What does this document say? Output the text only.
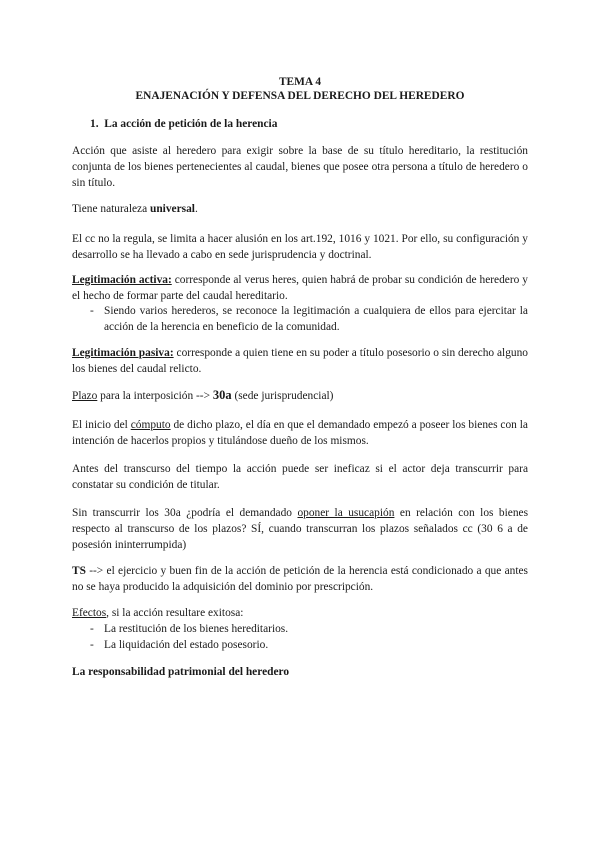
TEMA 4
ENAJENACIÓN Y DEFENSA DEL DERECHO DEL HEREDERO
1. La acción de petición de la herencia

Acción que asiste al heredero para exigir sobre la base de su título hereditario, la restitución conjunta de los bienes pertenecientes al caudal, bienes que posee otra persona a título de heredero o sin título.

Tiene naturaleza universal.

El cc no la regula, se limita a hacer alusión en los art.192, 1016 y 1021. Por ello, su configuración y desarrollo se ha llevado a cabo en sede jurisprudencia y doctrinal.

Legitimación activa: corresponde al verus heres, quien habrá de probar su condición de heredero y el hecho de formar parte del caudal hereditario.

- Siendo varios herederos, se reconoce la legitimación a cualquiera de ellos para ejercitar la acción de la herencia en beneficio de la comunidad.

Legitimación pasiva: corresponde a quien tiene en su poder a título posesorio o sin derecho alguno los bienes del caudal relicto.

Plazo para la interposición --> 30a (sede jurisprudencial)

El inicio del cómputo de dicho plazo, el día en que el demandado empezó a poseer los bienes con la intención de hacerlos propios y titulándose dueño de los mismos.

Antes del transcurso del tiempo la acción puede ser ineficaz si el actor deja transcurrir para constatar su condición de titular.

Sin transcurrir los 30a ¿podría el demandado oponer la usucapión en relación con los bienes respecto al transcurso de los plazos? SÍ, cuando transcurran los plazos señalados cc (30 6 a de posesión ininterrumpida)

TS --> el ejercicio y buen fin de la acción de petición de la herencia está condicionado a que antes no se haya producido la adquisición del dominio por prescripción.

Efectos, si la acción resultare exitosa:

- La restitución de los bienes hereditarios.
- La liquidación del estado posesorio.
La responsabilidad patrimonial del heredero
